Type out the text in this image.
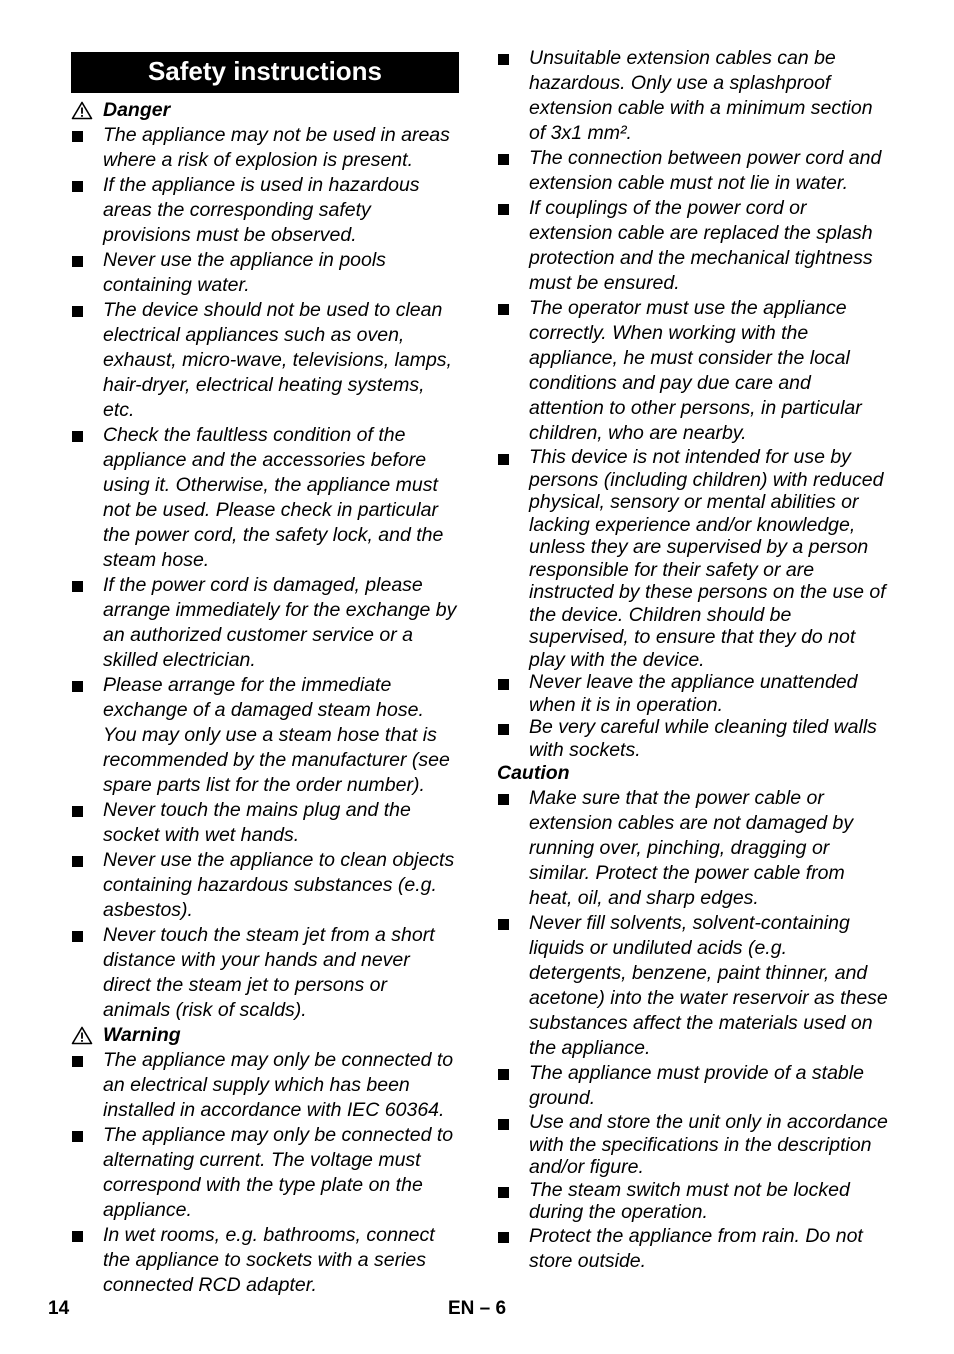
Safety instructions
Danger
The appliance may not be used in areas where a risk of explosion is present.
If the appliance is used in hazardous areas the corresponding safety provisions must be observed.
Never use the appliance in pools containing water.
The device should not be used to clean electrical appliances such as oven, exhaust, micro-wave, televisions, lamps, hair-dryer, electrical heating systems, etc.
Check the faultless condition of the appliance and the accessories before using it. Otherwise, the appliance must not be used. Please check in particular the power cord, the safety lock, and the steam hose.
If the power cord is damaged, please arrange immediately for the exchange by an authorized customer service or a skilled electrician.
Please arrange for the immediate exchange of a damaged steam hose. You may only use a steam hose that is recommended by the manufacturer (see spare parts list for the order number).
Never touch the mains plug and the socket with wet hands.
Never use the appliance to clean objects containing hazardous substances (e.g. asbestos).
Never touch the steam jet from a short distance with your hands and never direct the steam jet to persons or animals (risk of scalds).
Warning
The appliance may only be connected to an electrical supply which has been installed in accordance with IEC 60364.
The appliance may only be connected to alternating current. The voltage must correspond with the type plate on the appliance.
In wet rooms, e.g. bathrooms, connect the appliance to sockets with a series connected RCD adapter.
Unsuitable extension cables can be hazardous. Only use a splashproof extension cable with a minimum section of 3x1 mm².
The connection between power cord and extension cable must not lie in water.
If couplings of the power cord or extension cable are replaced the splash protection and the mechanical tightness must be ensured.
The operator must use the appliance correctly. When working with the appliance, he must consider the local conditions and pay due care and attention to other persons, in particular children, who are nearby.
This device is not intended for use by persons (including children) with reduced physical, sensory or mental abilities or lacking experience and/or knowledge, unless they are supervised by a person responsible for their safety or are instructed by these persons on the use of the device. Children should be supervised, to ensure that they do not play with the device.
Never leave the appliance unattended when it is in operation.
Be very careful while cleaning tiled walls with sockets.
Caution
Make sure that the power cable or extension cables are not damaged by running over, pinching, dragging or similar. Protect the power cable from heat, oil, and sharp edges.
Never fill solvents, solvent-containing liquids or undiluted acids (e.g. detergents, benzene, paint thinner, and acetone) into the water reservoir as these substances affect the materials used on the appliance.
The appliance must provide of a stable ground.
Use and store the unit only in accordance with the specifications in the description and/or figure.
The steam switch must not be locked during the operation.
Protect the appliance from rain. Do not store outside.
14	EN – 6
